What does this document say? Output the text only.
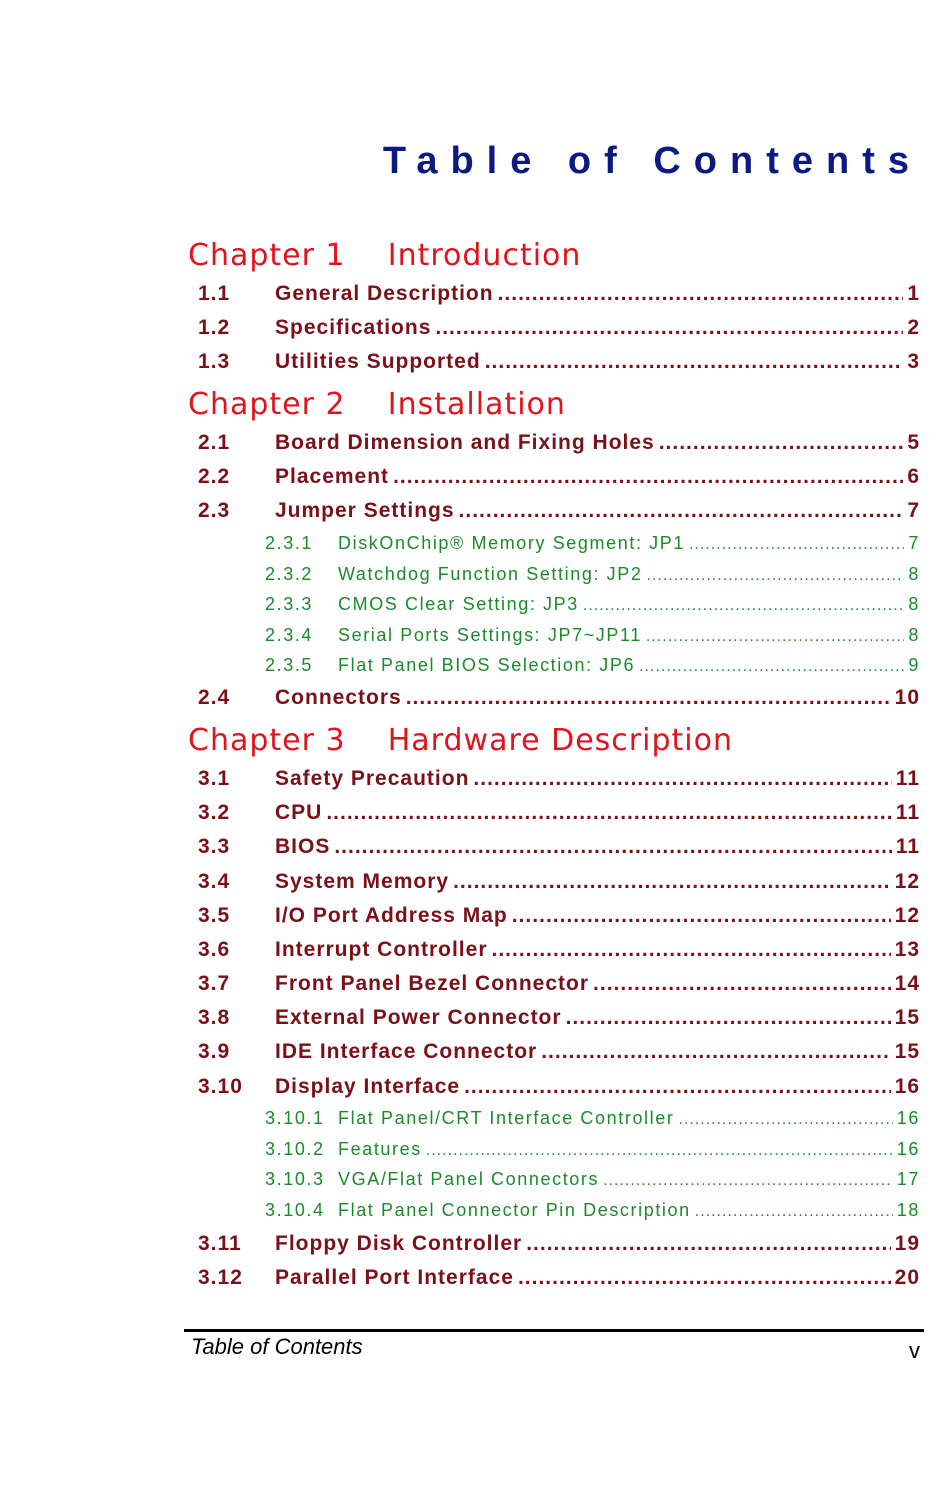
Table of Contents
Chapter 1 Introduction
1.1	General Description .....	1
1.2	Specifications .....	2
1.3	Utilities Supported .....	3
Chapter 2 Installation
2.1	Board Dimension and Fixing Holes .....	5
2.2	Placement .....	6
2.3	Jumper Settings .....	7
2.3.1	DiskOnChip® Memory Segment: JP1 .....	7
2.3.2	Watchdog Function Setting: JP2 .....	8
2.3.3	CMOS Clear Setting: JP3 .....	8
2.3.4	Serial Ports Settings: JP7~JP11 .....	8
2.3.5	Flat Panel BIOS Selection: JP6 .....	9
2.4	Connectors .....	10
Chapter 3 Hardware Description
3.1	Safety Precaution .....	11
3.2	CPU .....	11
3.3	BIOS .....	11
3.4	System Memory .....	12
3.5	I/O Port Address Map .....	12
3.6	Interrupt Controller .....	13
3.7	Front Panel Bezel Connector .....	14
3.8	External Power Connector .....	15
3.9	IDE Interface Connector .....	15
3.10	Display Interface .....	16
3.10.1 Flat Panel/CRT Interface Controller .....	16
3.10.2 Features .....	16
3.10.3 VGA/Flat Panel Connectors .....	17
3.10.4 Flat Panel Connector Pin Description .....	18
3.11	Floppy Disk Controller .....	19
3.12	Parallel Port Interface .....	20
Table of Contents	v
